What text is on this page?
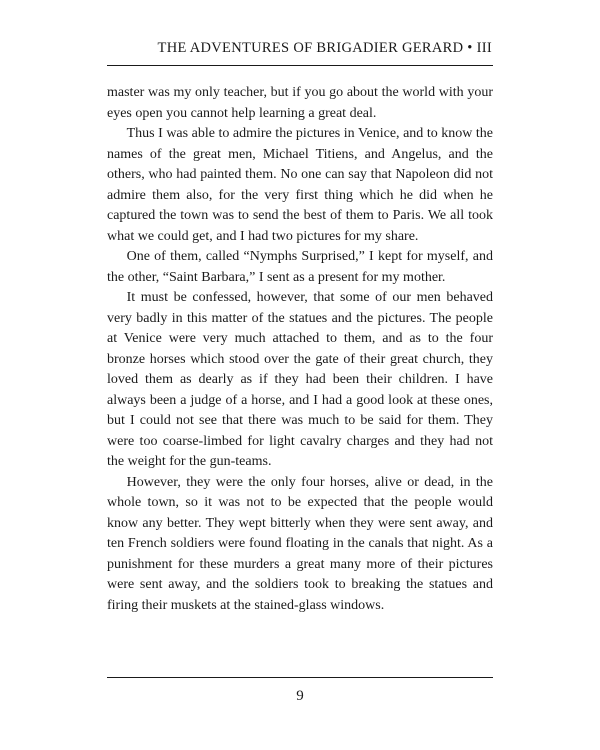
THE ADVENTURES OF BRIGADIER GERARD • III

master was my only teacher, but if you go about the world with your eyes open you cannot help learning a great deal.

Thus I was able to admire the pictures in Venice, and to know the names of the great men, Michael Titiens, and Angelus, and the others, who had painted them. No one can say that Napoleon did not admire them also, for the very first thing which he did when he captured the town was to send the best of them to Paris. We all took what we could get, and I had two pictures for my share.

One of them, called “Nymphs Surprised,” I kept for myself, and the other, “Saint Barbara,” I sent as a present for my mother.

It must be confessed, however, that some of our men behaved very badly in this matter of the statues and the pictures. The people at Venice were very much attached to them, and as to the four bronze horses which stood over the gate of their great church, they loved them as dearly as if they had been their children. I have always been a judge of a horse, and I had a good look at these ones, but I could not see that there was much to be said for them. They were too coarse-limbed for light cavalry charges and they had not the weight for the gun-teams.

However, they were the only four horses, alive or dead, in the whole town, so it was not to be expected that the people would know any better. They wept bitterly when they were sent away, and ten French soldiers were found floating in the canals that night. As a punishment for these murders a great many more of their pictures were sent away, and the soldiers took to breaking the statues and firing their muskets at the stained-glass windows.

9
